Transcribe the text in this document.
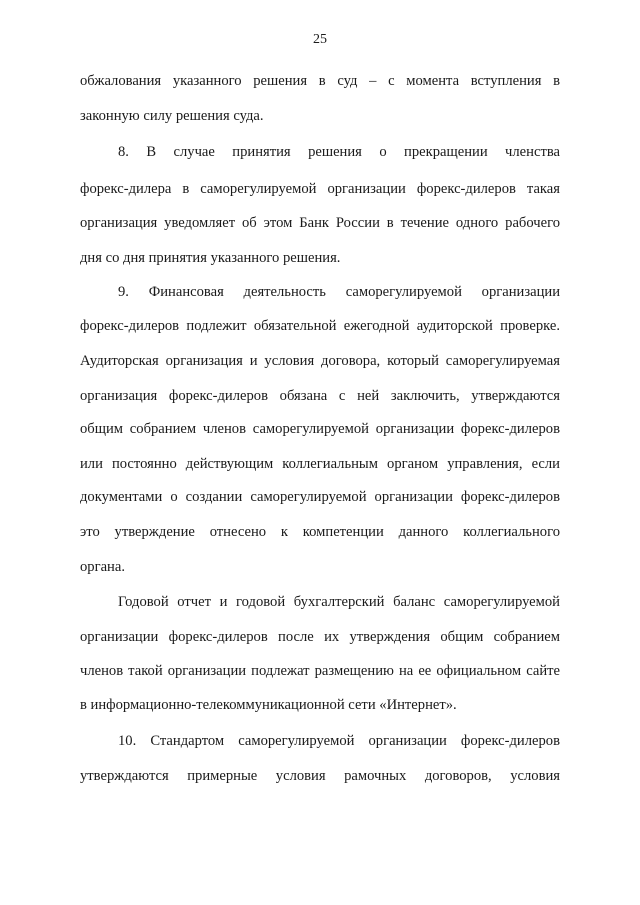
25
обжалования указанного решения в суд – с момента вступления в
законную силу решения суда.
8. В случае принятия решения о прекращении членства
форекс-дилера в саморегулируемой организации форекс-дилеров такая
организация уведомляет об этом Банк России в течение одного рабочего
дня со дня принятия указанного решения.
9. Финансовая деятельность саморегулируемой организации
форекс-дилеров подлежит обязательной ежегодной аудиторской проверке.
Аудиторская организация и условия договора, который саморегулируемая
организация форекс-дилеров обязана с ней заключить, утверждаются
общим собранием членов саморегулируемой организации форекс-дилеров
или постоянно действующим коллегиальным органом управления, если
документами о создании саморегулируемой организации форекс-дилеров
это утверждение отнесено к компетенции данного коллегиального
органа.
Годовой отчет и годовой бухгалтерский баланс саморегулируемой
организации форекс-дилеров после их утверждения общим собранием
членов такой организации подлежат размещению на ее официальном сайте
в информационно-телекоммуникационной сети «Интернет».
10. Стандартом саморегулируемой организации форекс-дилеров
утверждаются примерные условия рамочных договоров, условия
